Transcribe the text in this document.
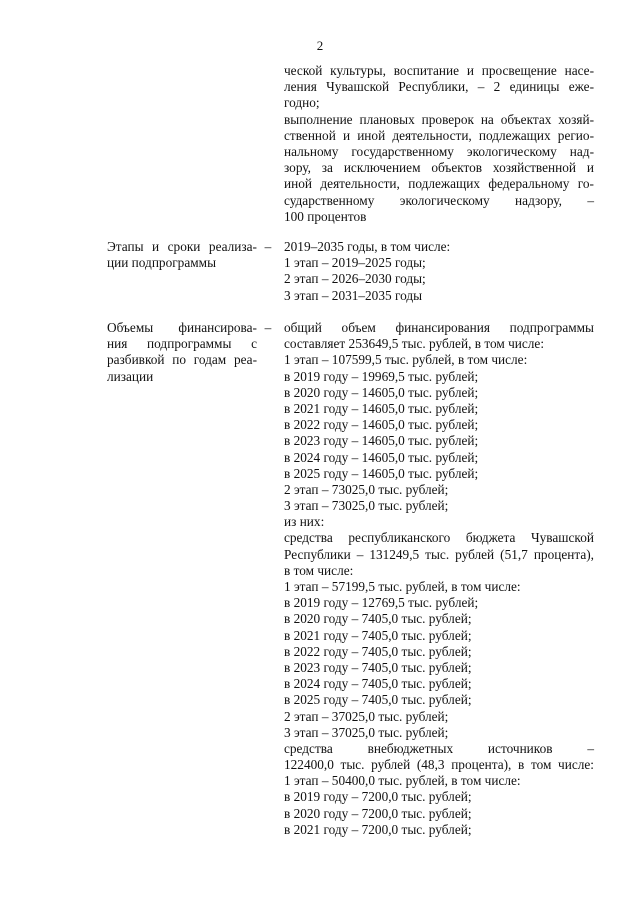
2
ческой культуры, воспитание и просвещение насе-
ления Чувашской Республики, – 2 единицы еже-
годно;
выполнение плановых проверок на объектах хозяй-
ственной и иной деятельности, подлежащих регио-
нальному государственному экологическому над-
зору, за исключением объектов хозяйственной и
иной деятельности, подлежащих федеральному го-
сударственному экологическому надзору, –
100 процентов
Этапы и сроки реализа-
ции подпрограммы
– 2019–2035 годы, в том числе:
1 этап – 2019–2025 годы;
2 этап – 2026–2030 годы;
3 этап – 2031–2035 годы
Объемы финансирова-
ния подпрограммы с
разбивкой по годам реа-
лизации
– общий объем финансирования подпрограммы
составляет 253649,5 тыс. рублей, в том числе:
1 этап – 107599,5 тыс. рублей, в том числе:
в 2019 году – 19969,5 тыс. рублей;
в 2020 году – 14605,0 тыс. рублей;
в 2021 году – 14605,0 тыс. рублей;
в 2022 году – 14605,0 тыс. рублей;
в 2023 году – 14605,0 тыс. рублей;
в 2024 году – 14605,0 тыс. рублей;
в 2025 году – 14605,0 тыс. рублей;
2 этап – 73025,0 тыс. рублей;
3 этап – 73025,0 тыс. рублей;
из них:
средства республиканского бюджета Чувашской
Республики – 131249,5 тыс. рублей (51,7 процента),
в том числе:
1 этап – 57199,5 тыс. рублей, в том числе:
в 2019 году – 12769,5 тыс. рублей;
в 2020 году – 7405,0 тыс. рублей;
в 2021 году – 7405,0 тыс. рублей;
в 2022 году – 7405,0 тыс. рублей;
в 2023 году – 7405,0 тыс. рублей;
в 2024 году – 7405,0 тыс. рублей;
в 2025 году – 7405,0 тыс. рублей;
2 этап – 37025,0 тыс. рублей;
3 этап – 37025,0 тыс. рублей;
средства внебюджетных источников –
122400,0 тыс. рублей (48,3 процента), в том числе:
1 этап – 50400,0 тыс. рублей, в том числе:
в 2019 году – 7200,0 тыс. рублей;
в 2020 году – 7200,0 тыс. рублей;
в 2021 году – 7200,0 тыс. рублей;
